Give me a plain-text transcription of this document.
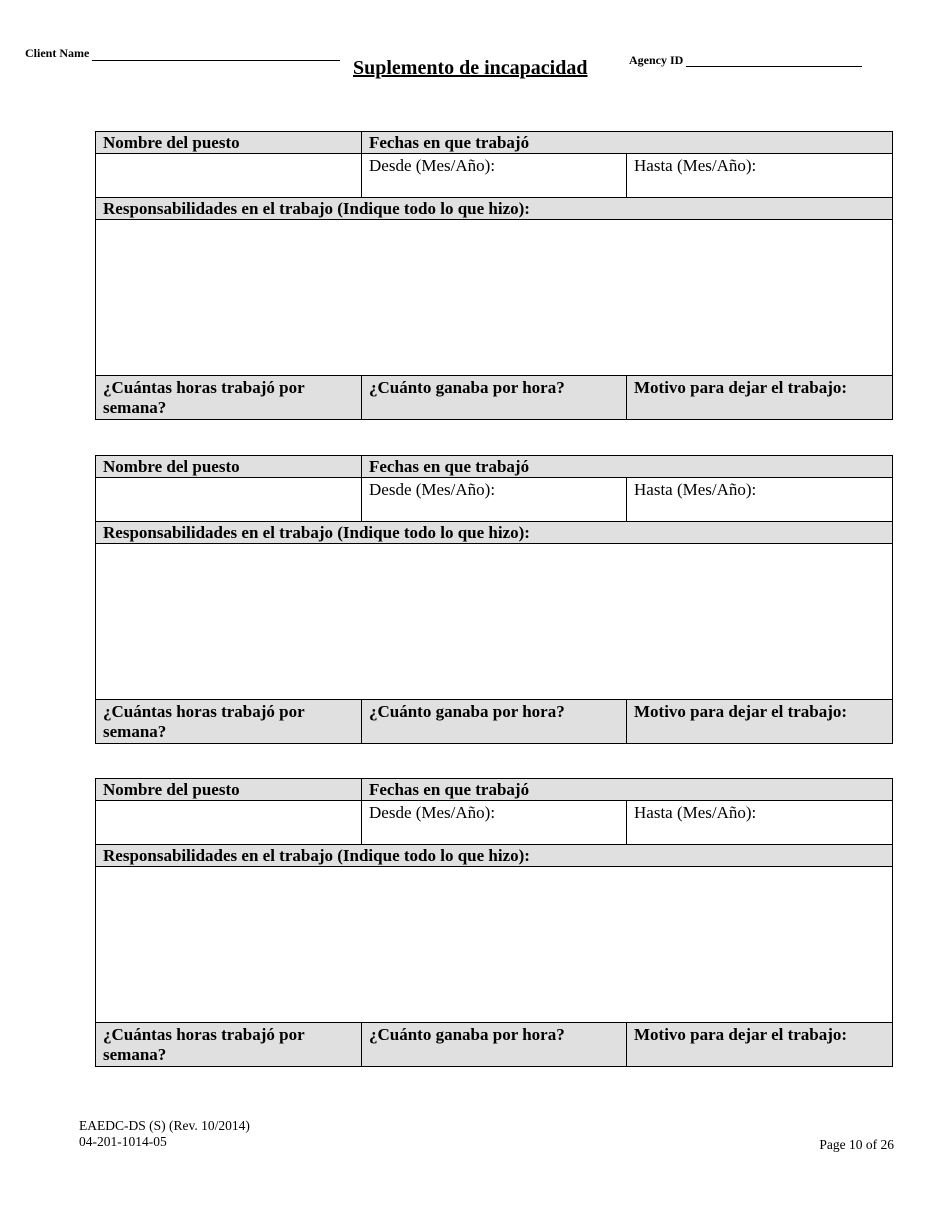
Client Name
Suplemento de incapacidad	Agency ID
Nombre del puesto	Fechas en que trabajó	
	Desde (Mes/Año):	Hasta (Mes/Año):
Responsabilidades en el trabajo (Indique todo lo que hizo):		

¿Cuántas horas trabajó por semana?	¿Cuánto ganaba por hora?	Motivo para dejar el trabajo:
Nombre del puesto	Fechas en que trabajó	
	Desde (Mes/Año):	Hasta (Mes/Año):
Responsabilidades en el trabajo (Indique todo lo que hizo):		

¿Cuántas horas trabajó por semana?	¿Cuánto ganaba por hora?	Motivo para dejar el trabajo:
Nombre del puesto	Fechas en que trabajó	
	Desde (Mes/Año):	Hasta (Mes/Año):
Responsabilidades en el trabajo (Indique todo lo que hizo):		

¿Cuántas horas trabajó por semana?	¿Cuánto ganaba por hora?	Motivo para dejar el trabajo:
EAEDC-DS (S) (Rev. 10/2014)
04-201-1014-05	Page 10 of 26
